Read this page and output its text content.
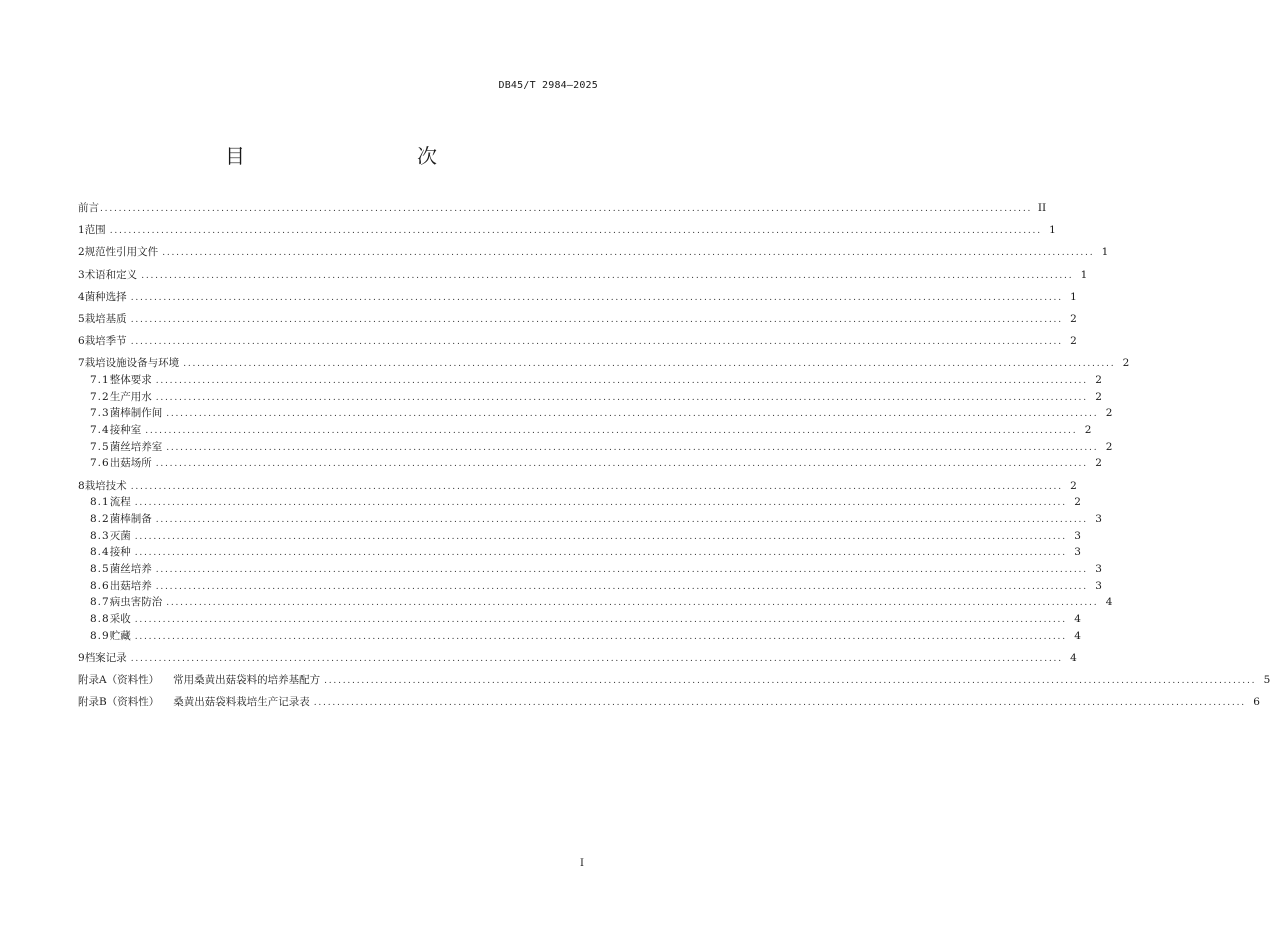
DB45/T 2984—2025
目　　次
前言 ........................................................................................................................................................................................................ II
1 范围 ........................................................................................................................................................................................................ 1
2 规范性引用文件 ........................................................................................................................................................................................................ 1
3 术语和定义 ........................................................................................................................................................................................................ 1
4 菌种选择 ........................................................................................................................................................................................................ 1
5 栽培基质 ........................................................................................................................................................................................................ 2
6 栽培季节 ........................................................................................................................................................................................................ 2
7 栽培设施设备与环境 ........................................................................................................................................................................................................ 2
7.1 整体要求 ........................................................................................................................................................................................................ 2
7.2 生产用水 ........................................................................................................................................................................................................ 2
7.3 菌棒制作间 ........................................................................................................................................................................................................ 2
7.4 接种室 ........................................................................................................................................................................................................ 2
7.5 菌丝培养室 ........................................................................................................................................................................................................ 2
7.6 出菇场所 ........................................................................................................................................................................................................ 2
8 栽培技术 ........................................................................................................................................................................................................ 2
8.1 流程 ........................................................................................................................................................................................................ 2
8.2 菌棒制备 ........................................................................................................................................................................................................ 3
8.3 灭菌 ........................................................................................................................................................................................................ 3
8.4 接种 ........................................................................................................................................................................................................ 3
8.5 菌丝培养 ........................................................................................................................................................................................................ 3
8.6 出菇培养 ........................................................................................................................................................................................................ 3
8.7 病虫害防治 ........................................................................................................................................................................................................ 4
8.8 采收 ........................................................................................................................................................................................................ 4
8.9 贮藏 ........................................................................................................................................................................................................ 4
9 档案记录 ........................................................................................................................................................................................................ 4
附录A（资料性） 常用桑黄出菇袋料的培养基配方 ........................................................................................................................................................................................................ 5
附录B（资料性） 桑黄出菇袋料栽培生产记录表 ........................................................................................................................................................................................................ 6
I
